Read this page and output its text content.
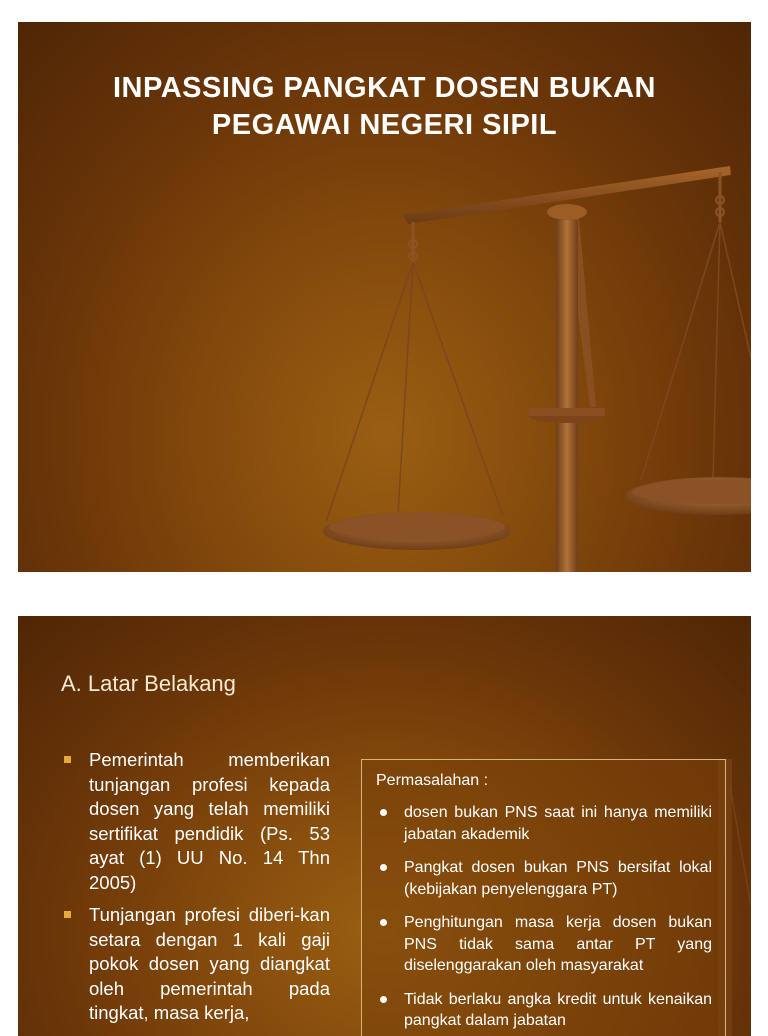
INPASSING PANGKAT DOSEN BUKAN
PEGAWAI NEGERI SIPIL
A. Latar Belakang
Pemerintah memberikan tunjangan profesi kepada dosen yang telah memiliki sertifikat pendidik (Ps. 53 ayat (1) UU No. 14 Thn 2005)
Tunjangan profesi diberi-kan setara dengan 1 kali gaji pokok dosen yang diangkat oleh pemerintah pada tingkat, masa kerja,
Permasalahan :
dosen bukan PNS saat ini hanya memiliki jabatan akademik
Pangkat dosen bukan PNS bersifat lokal (kebijakan penyelenggara PT)
Penghitungan masa kerja dosen bukan PNS tidak sama antar PT yang diselenggarakan oleh masyarakat
Tidak berlaku angka kredit untuk kenaikan pangkat dalam jabatan
